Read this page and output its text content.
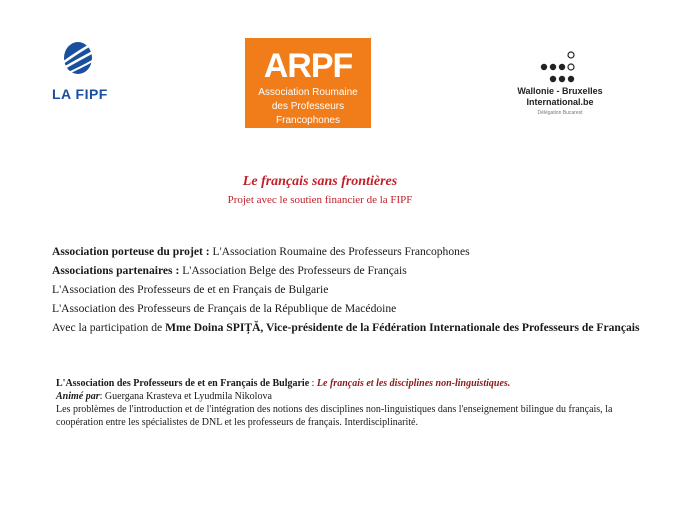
LA FIPF
ARPF
Association Roumaine
des Professeurs Francophones
Wallonie - Bruxelles
International.be
Délégation Bucarest
Le français sans frontières
Projet avec le soutien financier de la FIPF
Association porteuse du projet : L'Association Roumaine des Professeurs Francophones
Associations partenaires : L'Association Belge des Professeurs de Français
L'Association des Professeurs de et en Français de Bulgarie
L'Association des Professeurs de Français de la République de Macédoine
Avec la participation de Mme Doina SPIȚĂ, Vice-présidente de la Fédération Internationale des Professeurs de Français
L'Association des Professeurs de et en Français de Bulgarie : Le français et les disciplines non-linguistiques.
Animé par: Guergana Krasteva et Lyudmila Nikolova
Les problèmes de l'introduction et de l'intégration des notions des disciplines non-linguistiques dans l'enseignement bilingue du français, la coopération entre les spécialistes de DNL et les professeurs de français. Interdisciplinarité.
